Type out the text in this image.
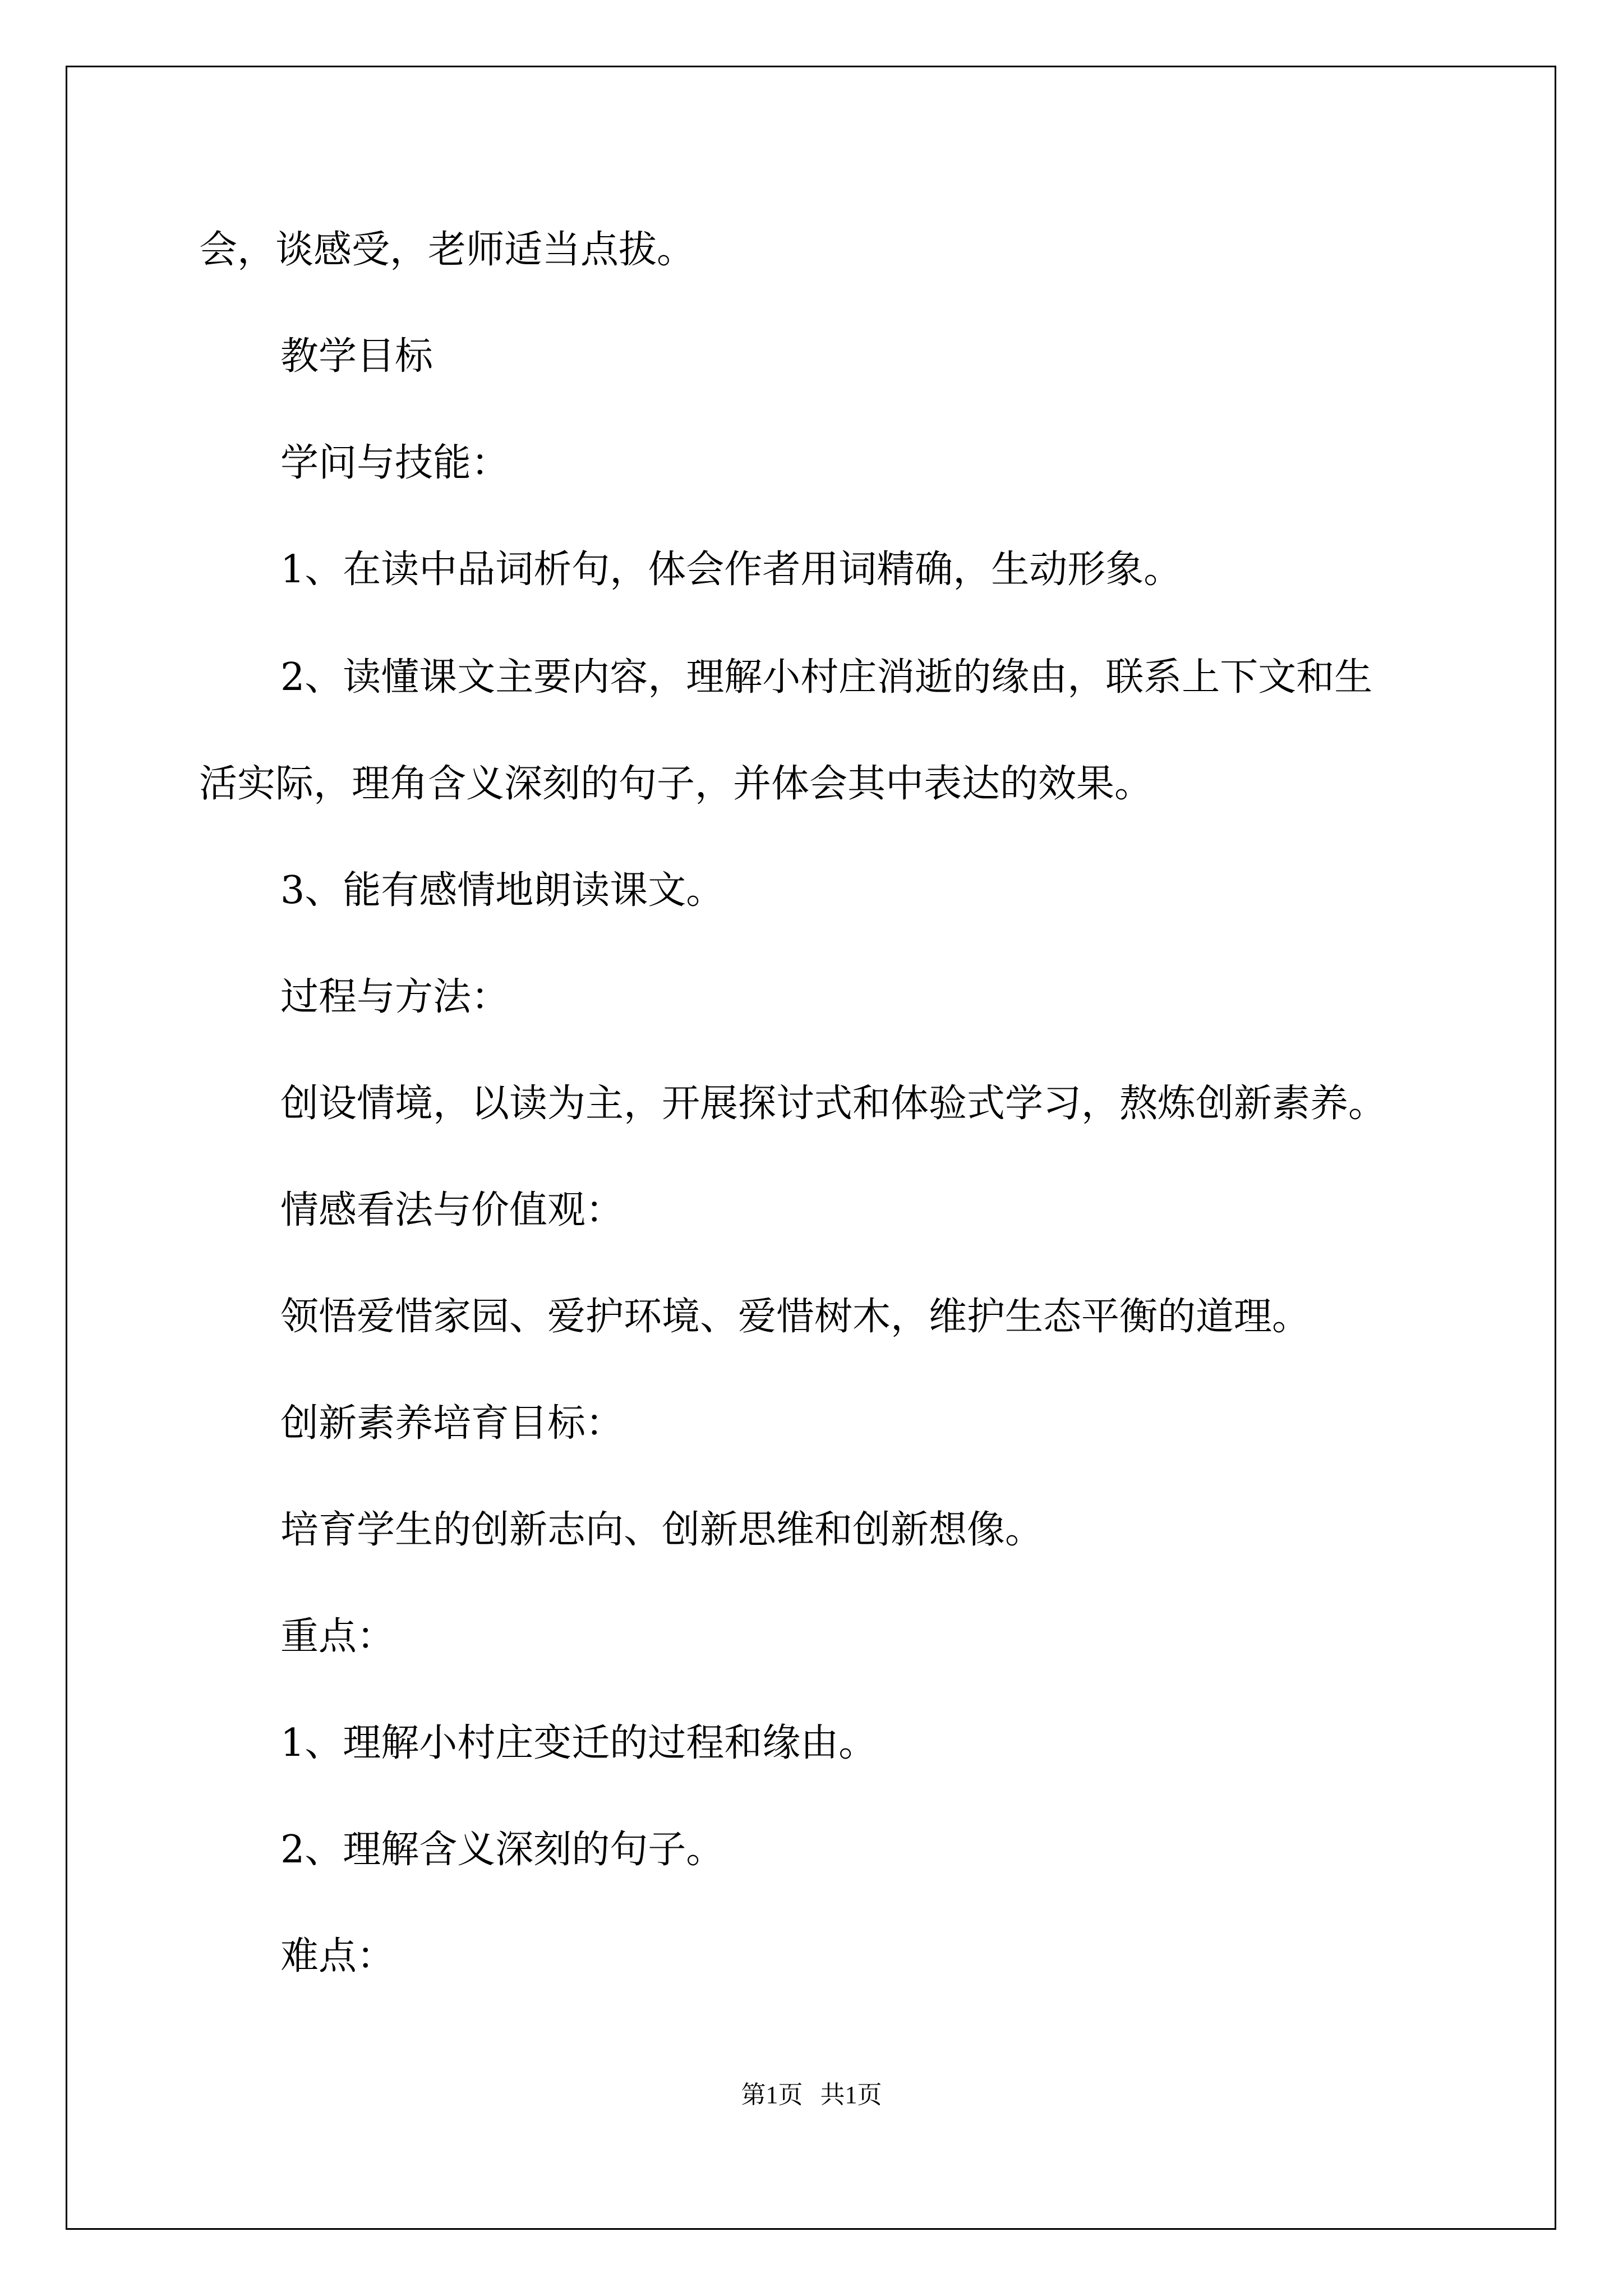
会，谈感受，老师适当点拔。
教学目标
学问与技能：
1、在读中品词析句，体会作者用词精确，生动形象。
2、读懂课文主要内容，理解小村庄消逝的缘由，联系上下文和生
活实际，理角含义深刻的句子，并体会其中表达的效果。
3、能有感情地朗读课文。
过程与方法：
创设情境，以读为主，开展探讨式和体验式学习，熬炼创新素养。
情感看法与价值观：
领悟爱惜家园、爱护环境、爱惜树木，维护生态平衡的道理。
创新素养培育目标：
培育学生的创新志向、创新思维和创新想像。
重点：
1、理解小村庄变迁的过程和缘由。
2、理解含义深刻的句子。
难点：
第1页 共1页
